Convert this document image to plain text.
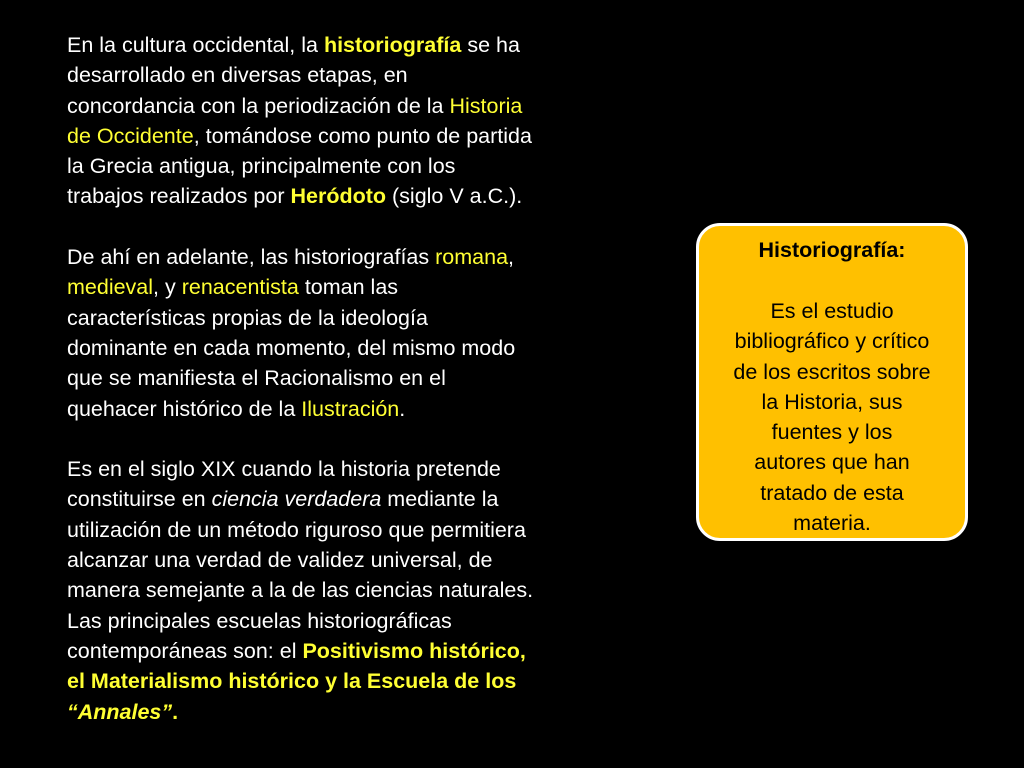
En la cultura occidental, la historiografía se ha
desarrollado en diversas etapas, en
concordancia con la periodización de la Historia
de Occidente, tomándose como punto de partida
la Grecia antigua, principalmente con los
trabajos realizados por Heródoto (siglo V a.C.).

De ahí en adelante, las historiografías romana,
medieval, y renacentista toman las
características propias de la ideología
dominante en cada momento, del mismo modo
que se manifiesta el Racionalismo en el
quehacer histórico de la Ilustración.

Es en el siglo XIX cuando la historia pretende
constituirse en ciencia verdadera mediante la
utilización de un método riguroso que permitiera
alcanzar una verdad de validez universal, de
manera semejante a la de las ciencias naturales.
Las principales escuelas historiográficas
contemporáneas son: el Positivismo histórico,
el Materialismo histórico y la Escuela de los
“Annales”.

Historiografía:
Es el estudio
bibliográfico y crítico
de los escritos sobre
la Historia, sus
fuentes y los
autores que han
tratado de esta
materia.
